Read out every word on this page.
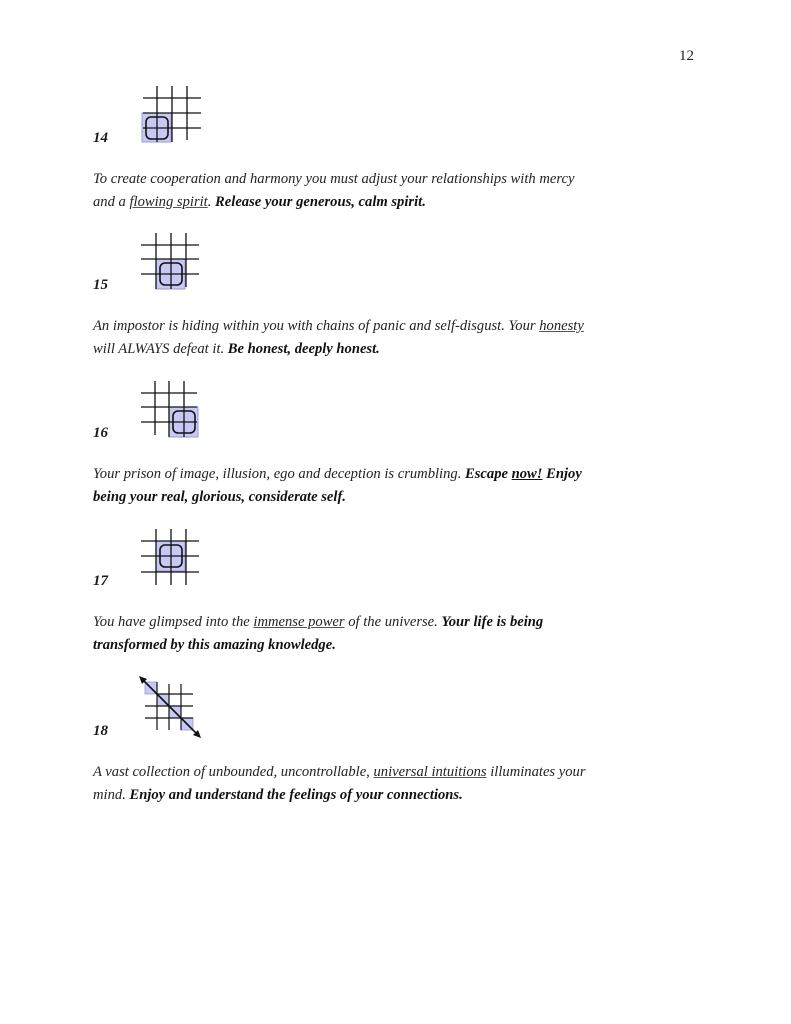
12
14
To create cooperation and harmony you must adjust your relationships with mercy
and a flowing spirit. Release your generous, calm spirit.
15
An impostor is hiding within you with chains of panic and self-disgust. Your honesty
will ALWAYS defeat it. Be honest, deeply honest.
16
Your prison of image, illusion, ego and deception is crumbling. Escape now! Enjoy
being your real, glorious, considerate self.
17
You have glimpsed into the immense power of the universe. Your life is being
transformed by this amazing knowledge.
18
A vast collection of unbounded, uncontrollable, universal intuitions illuminates your
mind. Enjoy and understand the feelings of your connections.
